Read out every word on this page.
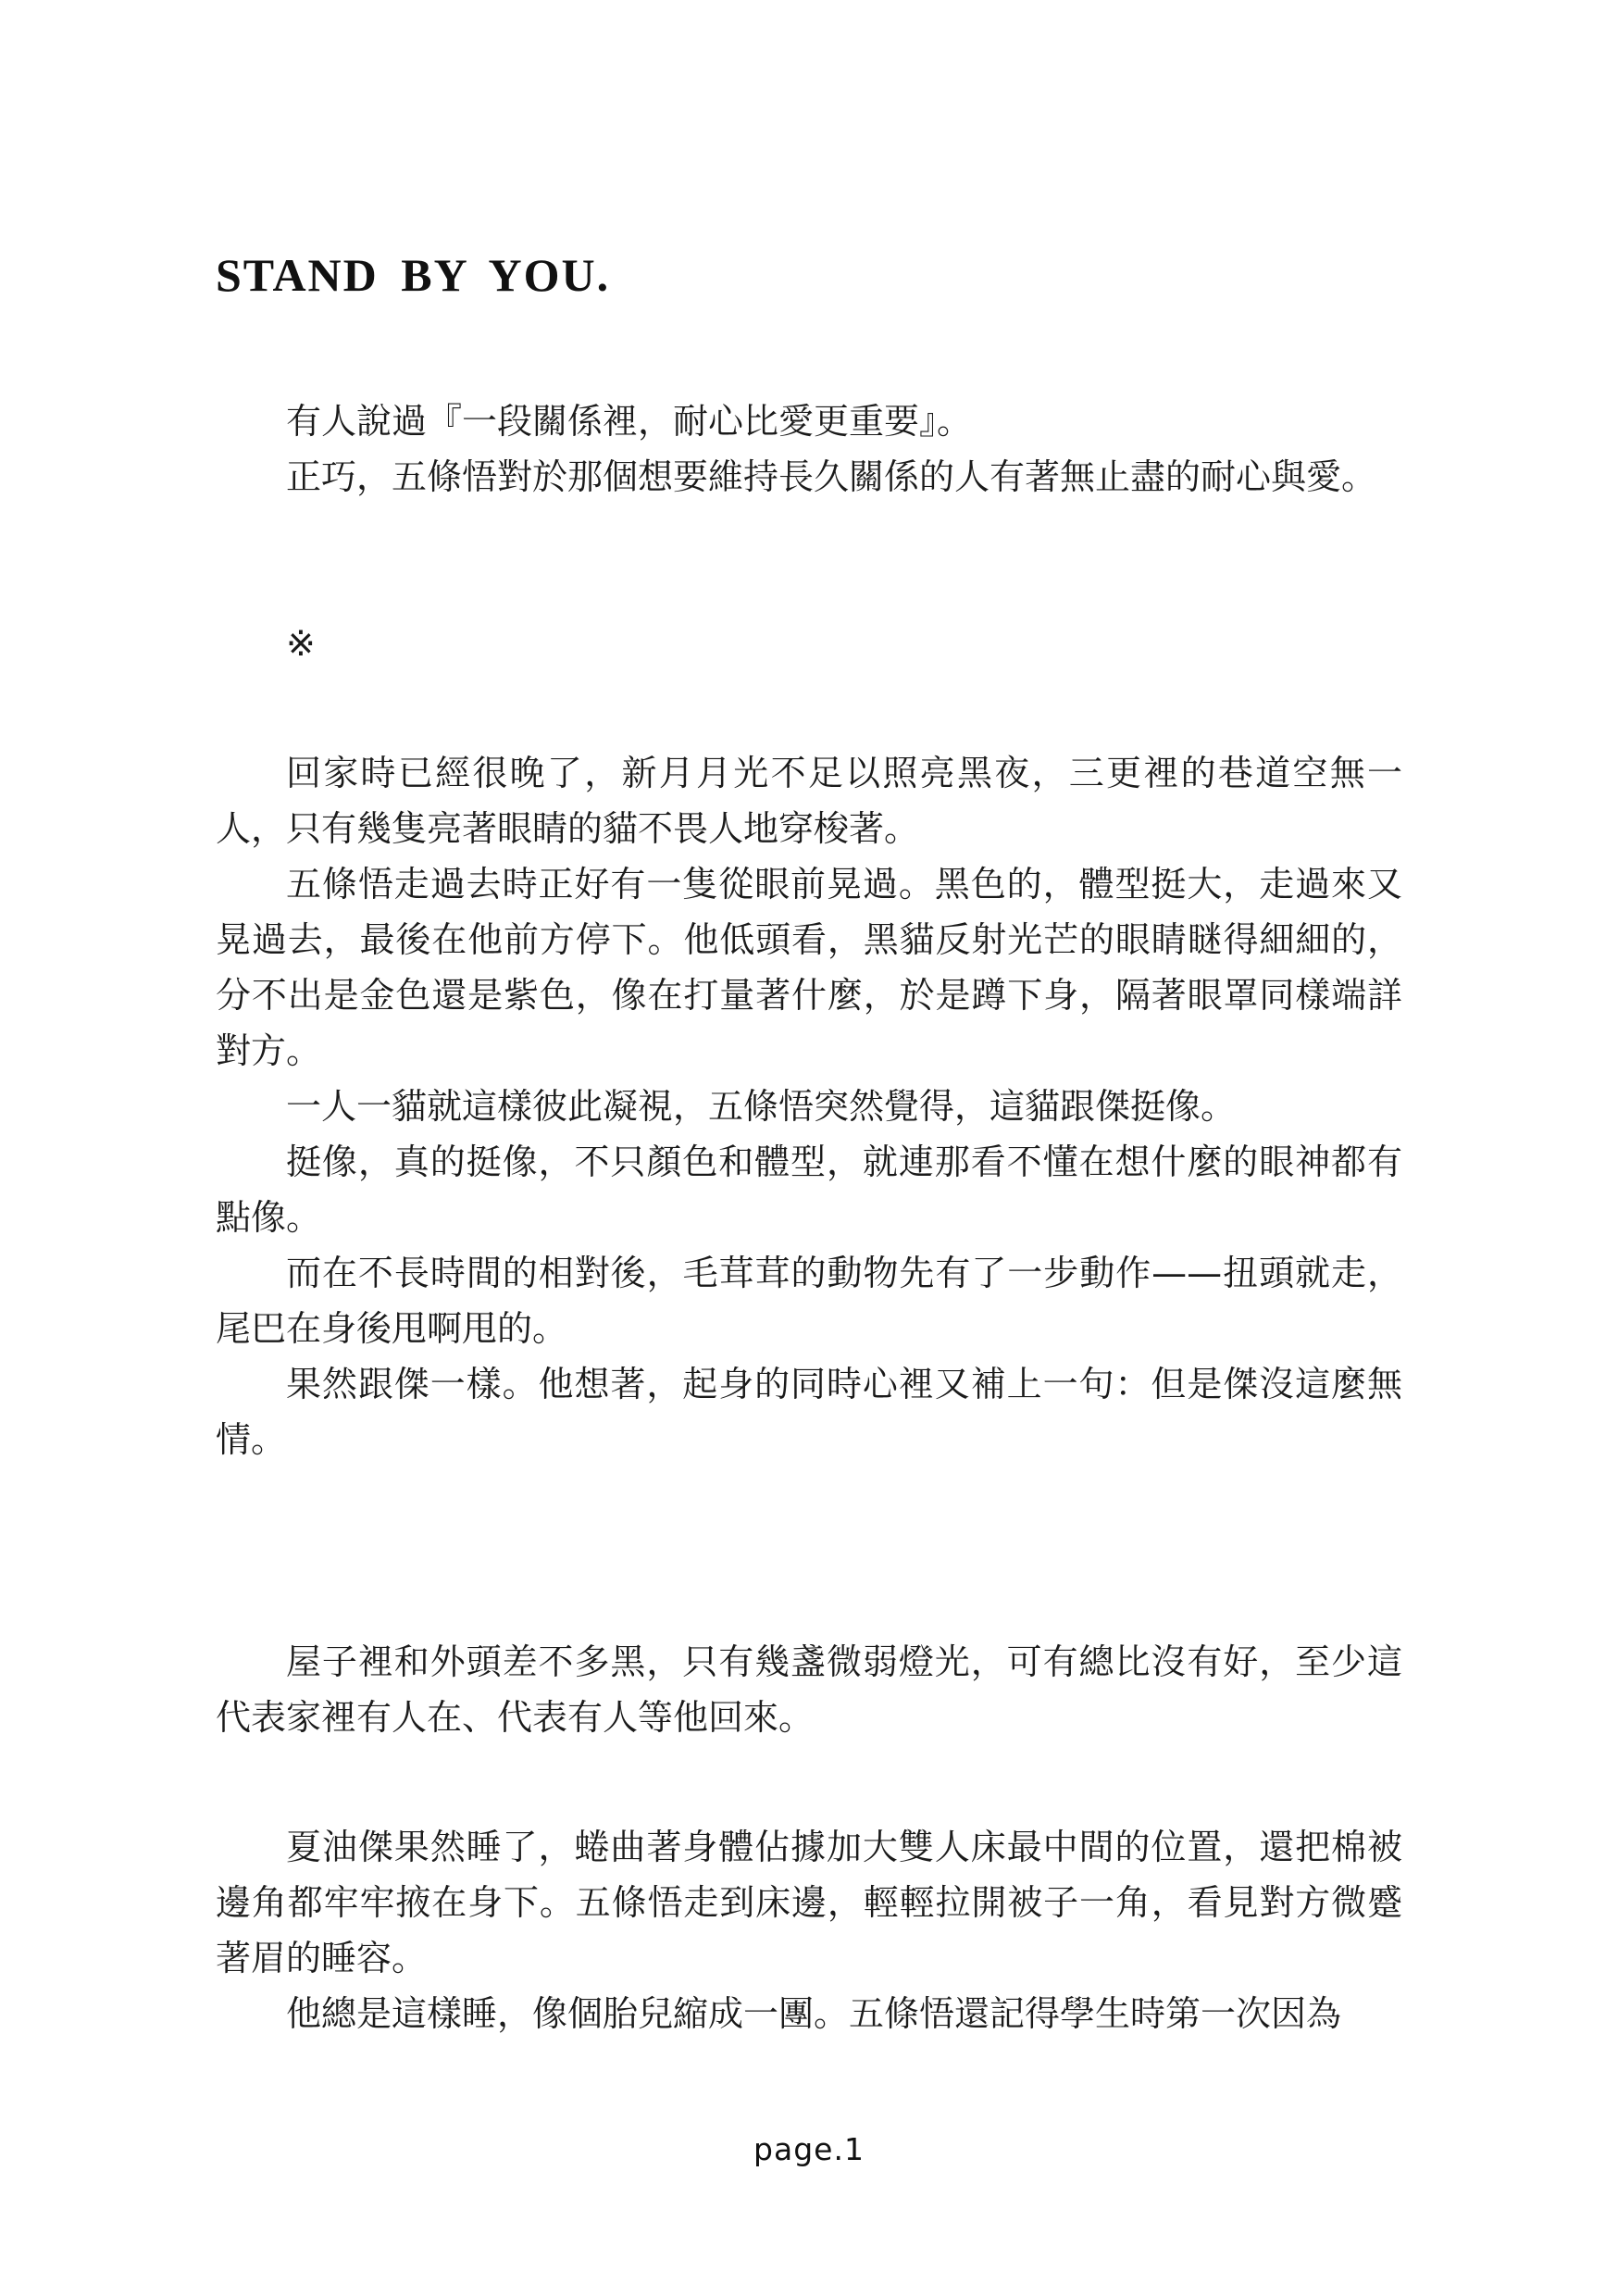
STAND BY YOU.

有人說過『一段關係裡，耐心比愛更重要』。

正巧，五條悟對於那個想要維持長久關係的人有著無止盡的耐心與愛。

※

回家時已經很晚了，新月月光不足以照亮黑夜，三更裡的巷道空無一人，只有幾隻亮著眼睛的貓不畏人地穿梭著。

五條悟走過去時正好有一隻從眼前晃過。黑色的，體型挺大，走過來又晃過去，最後在他前方停下。他低頭看，黑貓反射光芒的眼睛瞇得細細的，分不出是金色還是紫色，像在打量著什麼，於是蹲下身，隔著眼罩同樣端詳對方。

一人一貓就這樣彼此凝視，五條悟突然覺得，這貓跟傑挺像。

挺像，真的挺像，不只顏色和體型，就連那看不懂在想什麼的眼神都有點像。

而在不長時間的相對後，毛茸茸的動物先有了一步動作——扭頭就走，尾巴在身後甩啊甩的。

果然跟傑一樣。他想著，起身的同時心裡又補上一句：但是傑沒這麼無情。

屋子裡和外頭差不多黑，只有幾盞微弱燈光，可有總比沒有好，至少這代表家裡有人在、代表有人等他回來。

夏油傑果然睡了，蜷曲著身體佔據加大雙人床最中間的位置，還把棉被邊角都牢牢掖在身下。五條悟走到床邊，輕輕拉開被子一角，看見對方微蹙著眉的睡容。

他總是這樣睡，像個胎兒縮成一團。五條悟還記得學生時第一次因為

page.1
